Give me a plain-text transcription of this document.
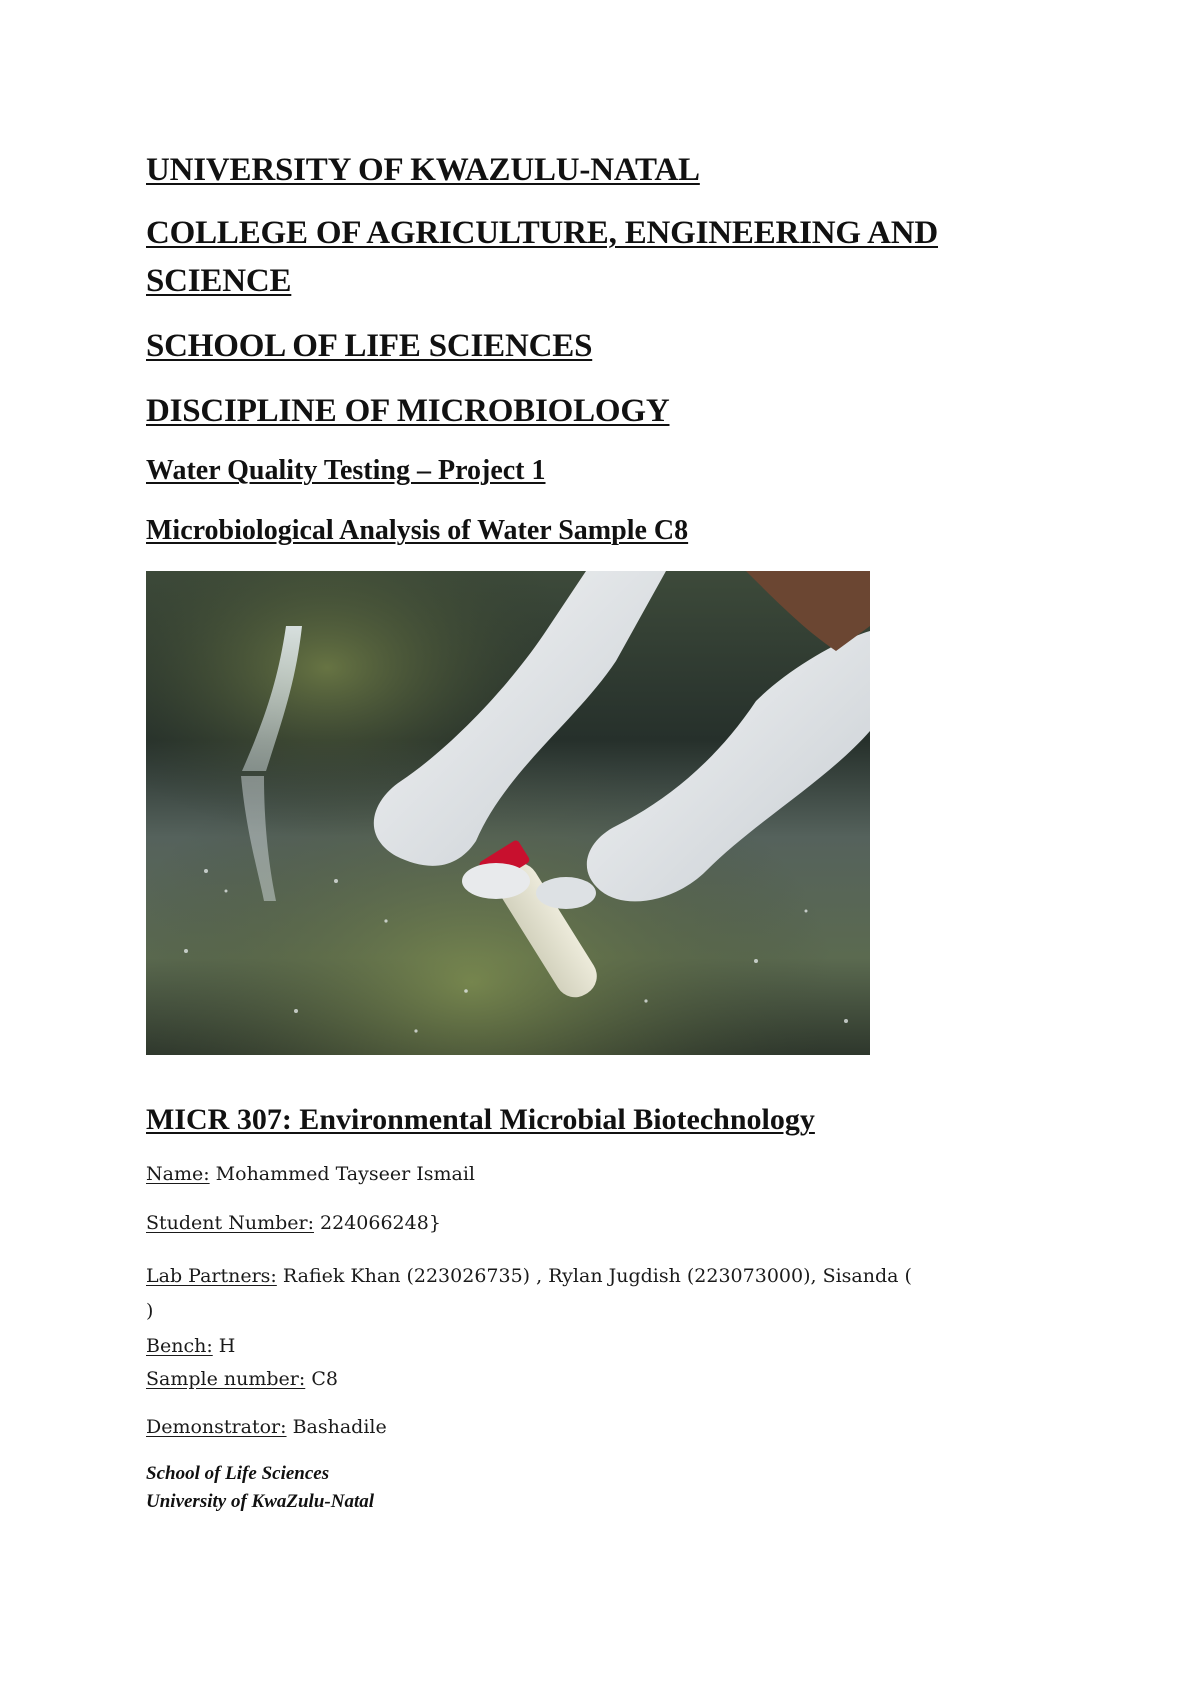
UNIVERSITY OF KWAZULU-NATAL
COLLEGE OF AGRICULTURE, ENGINEERING AND
SCIENCE
SCHOOL OF LIFE SCIENCES
DISCIPLINE OF MICROBIOLOGY
Water Quality Testing – Project 1
Microbiological Analysis of Water Sample C8
MICR 307: Environmental Microbial Biotechnology
Name: Mohammed Tayseer Ismail
Student Number: 224066248}
Lab Partners: Rafiek Khan (223026735) , Rylan Jugdish (223073000), Sisanda (
)
Bench: H
Sample number: C8
Demonstrator: Bashadile
School of Life Sciences
University of KwaZulu-Natal
